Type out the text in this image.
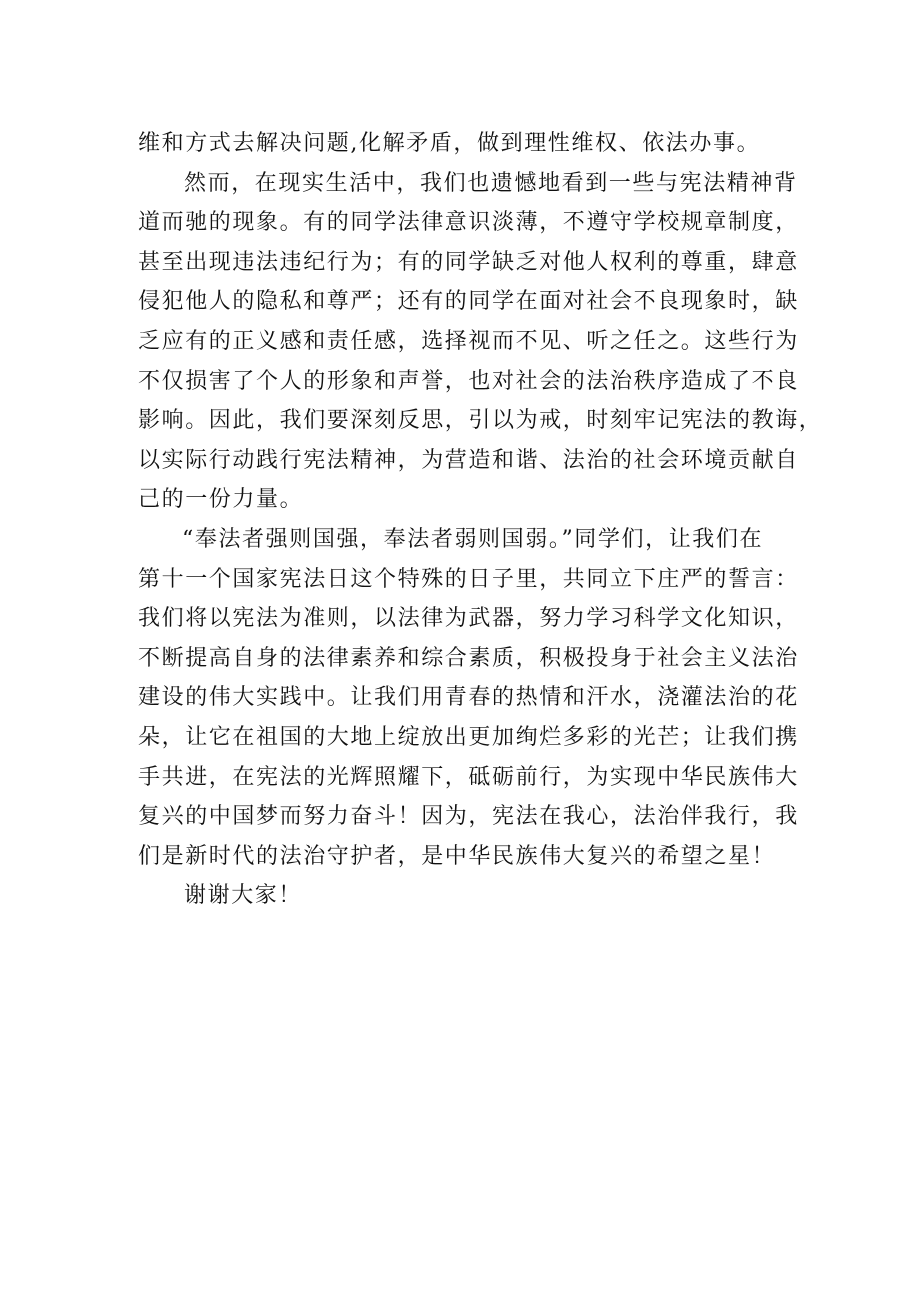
维和方式去解决问题,化解矛盾，做到理性维权、依法办事。
然而，在现实生活中，我们也遗憾地看到一些与宪法精神背
道而驰的现象。有的同学法律意识淡薄，不遵守学校规章制度，
甚至出现违法违纪行为；有的同学缺乏对他人权利的尊重，肆意
侵犯他人的隐私和尊严；还有的同学在面对社会不良现象时，缺
乏应有的正义感和责任感，选择视而不见、听之任之。这些行为
不仅损害了个人的形象和声誉，也对社会的法治秩序造成了不良
影响。因此，我们要深刻反思，引以为戒，时刻牢记宪法的教诲，
以实际行动践行宪法精神，为营造和谐、法治的社会环境贡献自
己的一份力量。
“奉法者强则国强，奉法者弱则国弱。”同学们，让我们在
第十一个国家宪法日这个特殊的日子里，共同立下庄严的誓言：
我们将以宪法为准则，以法律为武器，努力学习科学文化知识，
不断提高自身的法律素养和综合素质，积极投身于社会主义法治
建设的伟大实践中。让我们用青春的热情和汗水，浇灌法治的花
朵，让它在祖国的大地上绽放出更加绚烂多彩的光芒；让我们携
手共进，在宪法的光辉照耀下，砥砺前行，为实现中华民族伟大
复兴的中国梦而努力奋斗！因为，宪法在我心，法治伴我行，我
们是新时代的法治守护者，是中华民族伟大复兴的希望之星！
谢谢大家！
